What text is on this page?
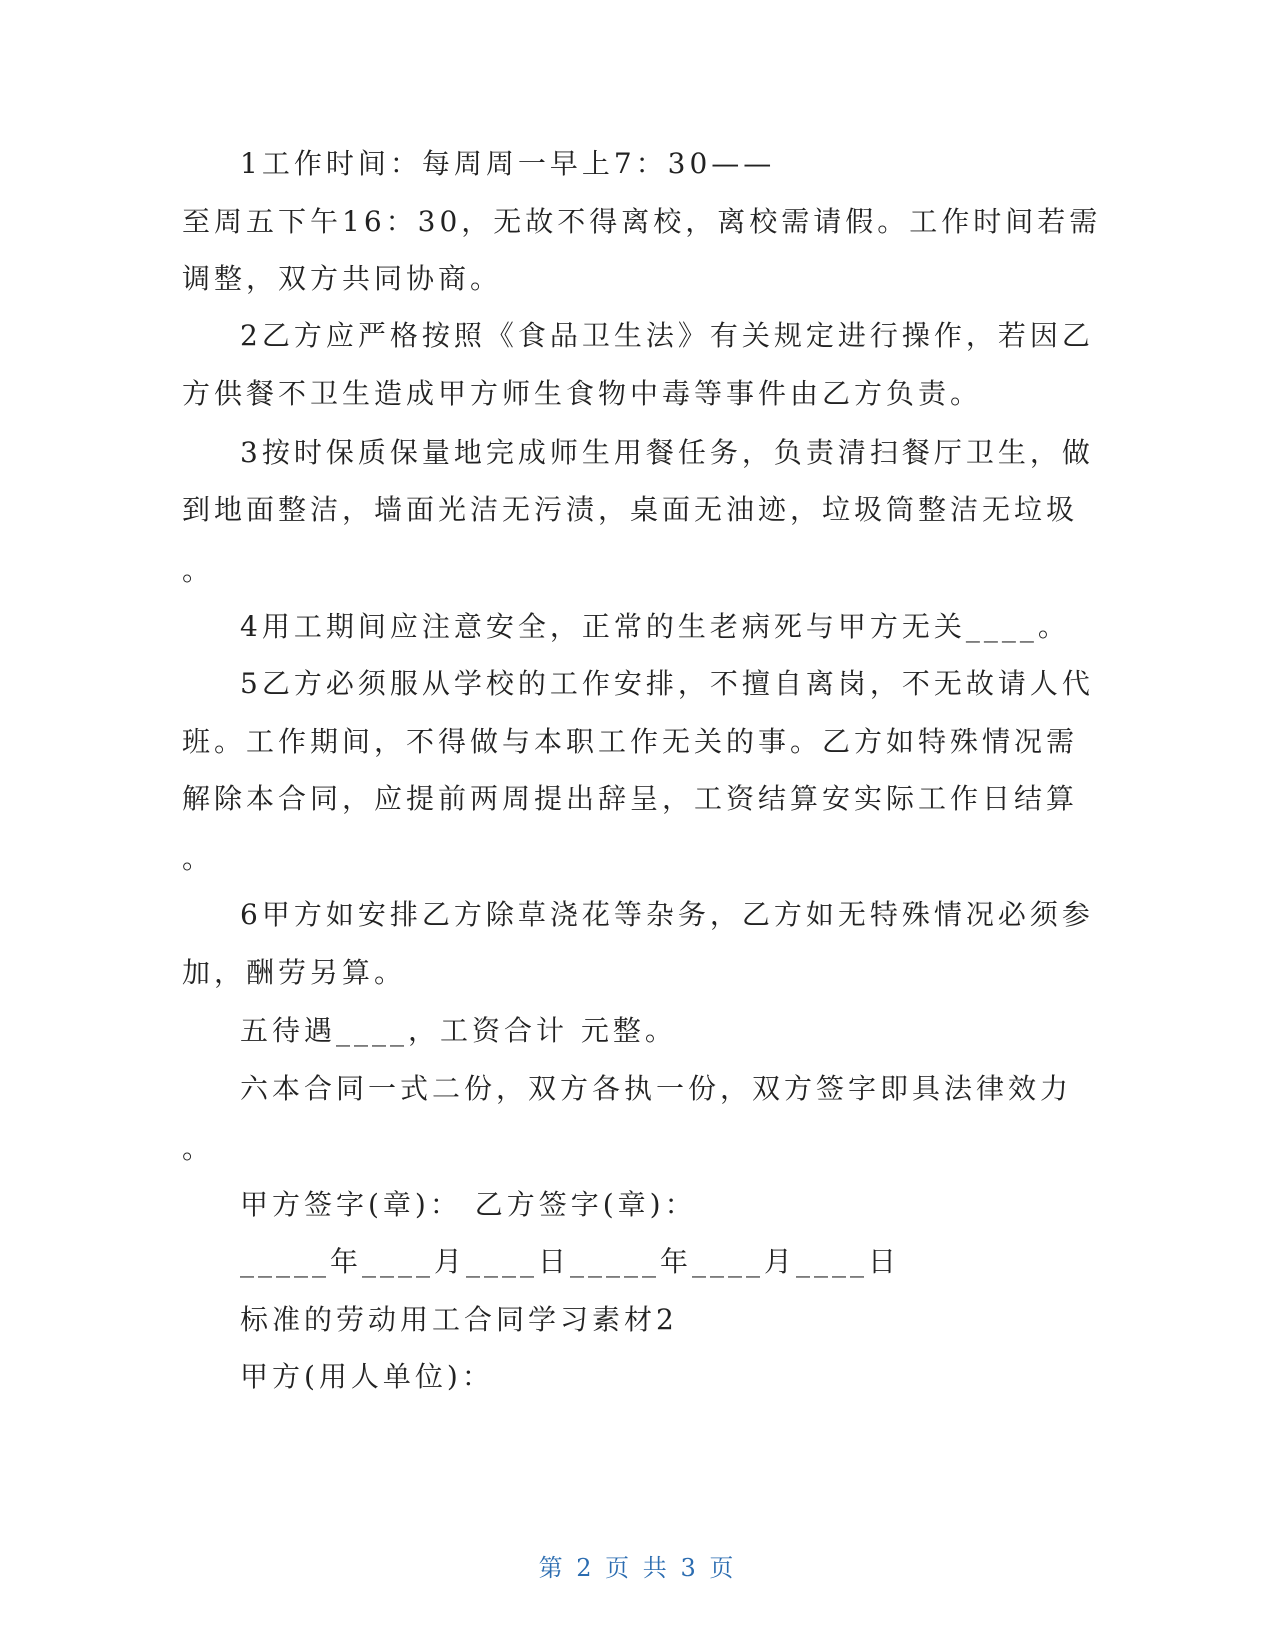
1工作时间：每周周一早上7：30——
至周五下午16：30，无故不得离校，离校需请假。工作时间若需
调整，双方共同协商。
2乙方应严格按照《食品卫生法》有关规定进行操作，若因乙
方供餐不卫生造成甲方师生食物中毒等事件由乙方负责。
3按时保质保量地完成师生用餐任务，负责清扫餐厅卫生，做
到地面整洁，墙面光洁无污渍，桌面无油迹，垃圾筒整洁无垃圾
。
4用工期间应注意安全，正常的生老病死与甲方无关____。
5乙方必须服从学校的工作安排，不擅自离岗，不无故请人代
班。工作期间，不得做与本职工作无关的事。乙方如特殊情况需
解除本合同，应提前两周提出辞呈，工资结算安实际工作日结算
。
6甲方如安排乙方除草浇花等杂务，乙方如无特殊情况必须参
加，酬劳另算。
五待遇____，工资合计 元整。
六本合同一式二份，双方各执一份，双方签字即具法律效力
。
甲方签字(章)： 乙方签字(章)：
_____年____月____日_____年____月____日
标准的劳动用工合同学习素材2
甲方(用人单位)：
第 2 页 共 3 页
